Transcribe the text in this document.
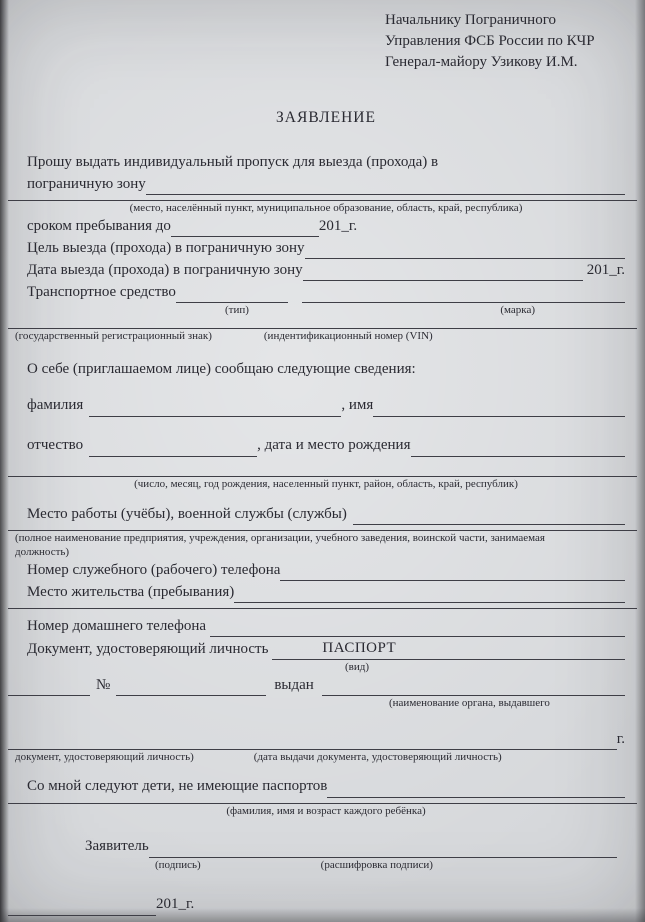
Начальнику Пограничного
Управления ФСБ России по КЧР
Генерал-майору Узикову И.М.
ЗАЯВЛЕНИЕ
Прошу выдать индивидуальный пропуск для выезда (прохода) в
пограничную зону
(место, населённый пункт, муниципальное образование, область, край, республика)
сроком пребывания до	201_г.
Цель выезда (прохода) в пограничную зону
Дата выезда (прохода) в пограничную зону	201_г.
Транспортное средство
(тип)	(марка)
(государственный регистрационный знак)	(индентификационный номер (VIN)
О себе (приглашаемом лице) сообщаю следующие сведения:
фамилия	, имя
отчество	, дата и место рождения
(число, месяц, год рождения, населенный пункт, район, область, край, республик)
Место работы (учёбы), военной службы (службы)
(полное наименование предприятия, учреждения, организации, учебного заведения, воинской части, занимаемая
должность)
Номер служебного (рабочего) телефона
Место жительства (пребывания)
Номер домашнего телефона
Документ, удостоверяющий личность	ПАСПОРТ
(вид)
№	выдан
(наименование органа, выдавшего
г.
документ, удостоверяющий личность)	(дата выдачи документа, удостоверяющий личность)
Со мной следуют дети, не имеющие паспортов
(фамилия, имя и возраст каждого ребёнка)
Заявитель
(подпись)	(расшифровка подписи)
201_г.
